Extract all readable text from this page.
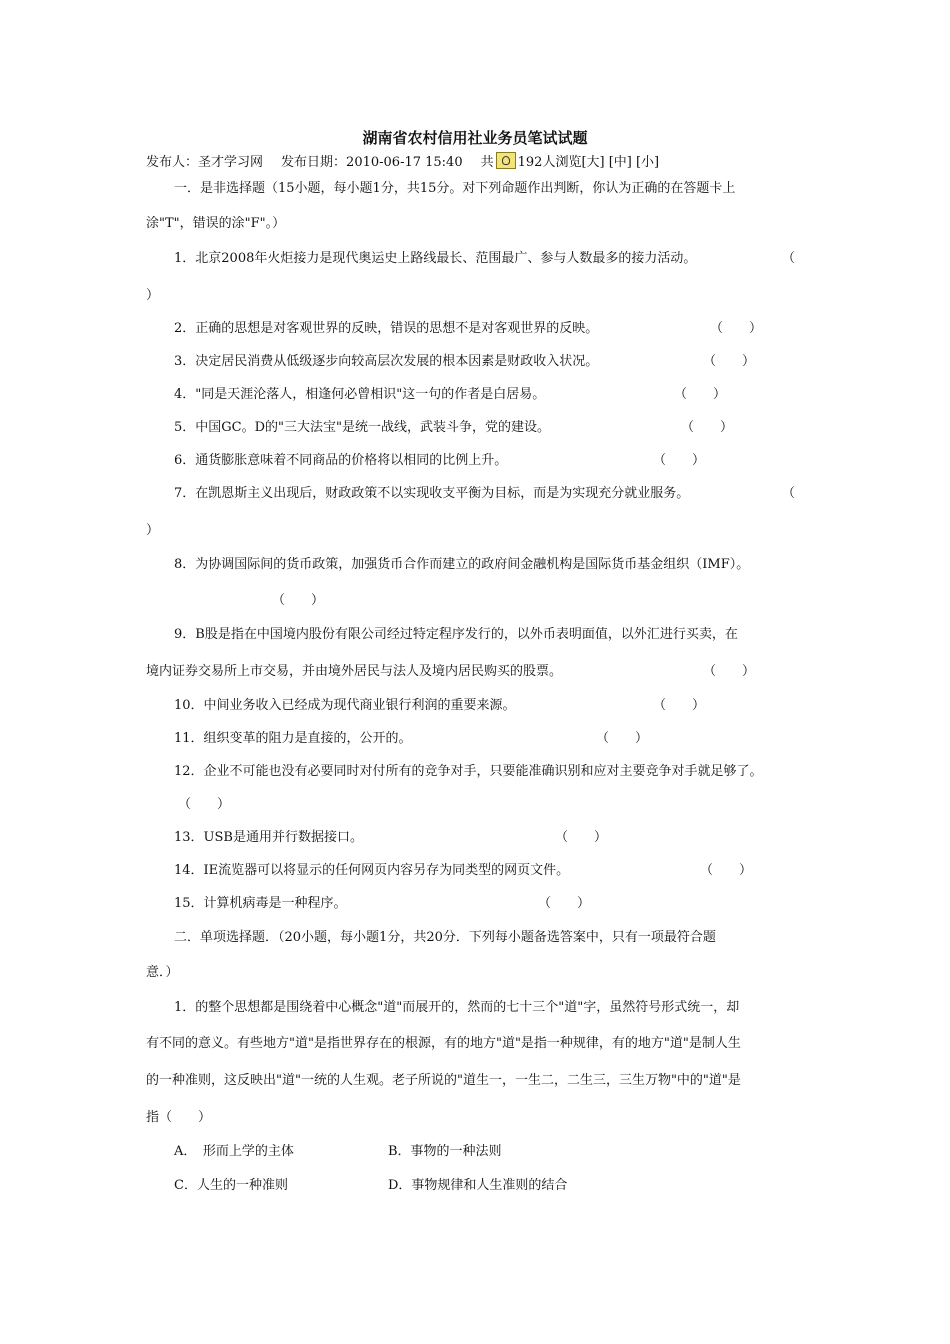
湖南省农村信用社业务员笔试试题
发布人：圣才学习网 发布日期：2010-06-17 15:40 共 192人浏览[大] [中] [小]
一．是非选择题（15小题，每小题1分，共15分。对下列命题作出判断，你认为正确的在答题卡上
涂"T"，错误的涂"F"。）
1．北京2008年火炬接力是现代奥运史上路线最长、范围最广、参与人数最多的接力活动。	（
）
2．正确的思想是对客观世界的反映，错误的思想不是对客观世界的反映。	（　　）
3．决定居民消费从低级逐步向较高层次发展的根本因素是财政收入状况。	（　　）
4．"同是天涯沦落人，相逢何必曾相识"这一句的作者是白居易。	（　　）
5．中国GC。D的"三大法宝"是统一战线，武装斗争，党的建设。	（　　）
6．通货膨胀意味着不同商品的价格将以相同的比例上升。	（　　）
7．在凯恩斯主义出现后，财政政策不以实现收支平衡为目标，而是为实现充分就业服务。	（
）
8．为协调国际间的货币政策，加强货币合作而建立的政府间金融机构是国际货币基金组织（IMF）。
（　　）
9．B股是指在中国境内股份有限公司经过特定程序发行的，以外币表明面值，以外汇进行买卖，在
境内证券交易所上市交易，并由境外居民与法人及境内居民购买的股票。	（　　）
10．中间业务收入已经成为现代商业银行利润的重要来源。	（　　）
11．组织变革的阻力是直接的，公开的。	（　　）
12．企业不可能也没有必要同时对付所有的竞争对手，只要能准确识别和应对主要竞争对手就足够了。
（　　）
13．USB是通用并行数据接口。	（　　）
14．IE流览器可以将显示的任何网页内容另存为同类型的网页文件。	（　　）
15．计算机病毒是一种程序。	（　　）
二．单项选择题．（20小题，每小题1分，共20分．下列每小题备选答案中，只有一项最符合题
意．）
1．的整个思想都是围绕着中心概念"道"而展开的，然而的七十三个"道"字，虽然符号形式统一，却
有不同的意义。有些地方"道"是指世界存在的根源，有的地方"道"是指一种规律，有的地方"道"是制人生
的一种准则，这反映出"道"一统的人生观。老子所说的"道生一，一生二，二生三，三生万物"中的"道"是
指（　　）
A．　形而上学的主体	B．事物的一种法则
C．人生的一种准则	D．事物规律和人生准则的结合
